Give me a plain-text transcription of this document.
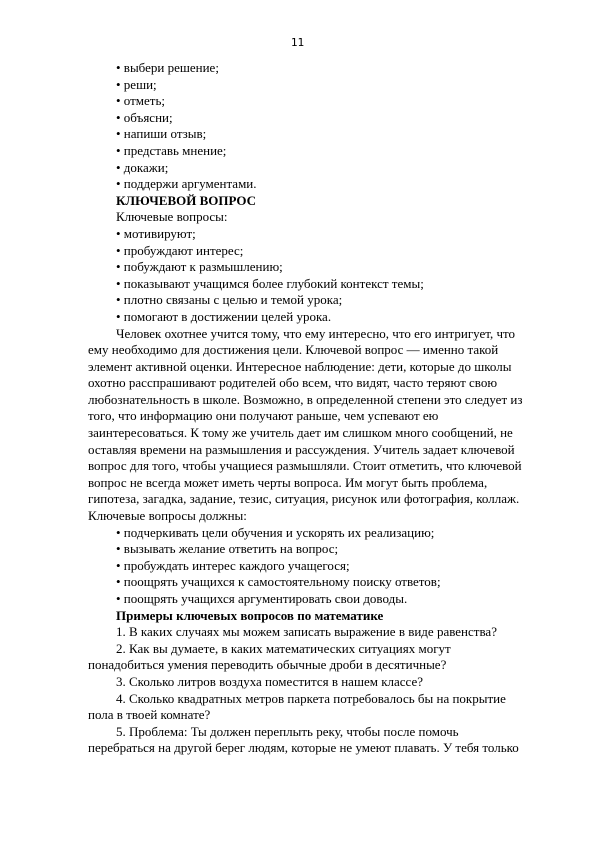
11
• выбери решение;
• реши;
• отметь;
• объясни;
• напиши отзыв;
• представь мнение;
• докажи;
• поддержи аргументами.
КЛЮЧЕВОЙ ВОПРОС
Ключевые вопросы:
• мотивируют;
• пробуждают интерес;
• побуждают к размышлению;
• показывают учащимся более глубокий контекст темы;
• плотно связаны с целью и темой урока;
• помогают в достижении целей урока.
Человек охотнее учится тому, что ему интересно, что его интригует, что
ему необходимо для достижения цели. Ключевой вопрос — именно такой
элемент активной оценки. Интересное наблюдение: дети, которые до школы
охотно расспрашивают родителей обо всем, что видят, часто теряют свою
любознательность в школе. Возможно, в определенной степени это следует из
того, что информацию они получают раньше, чем успевают ею
заинтересоваться. К тому же учитель дает им слишком много сообщений, не
оставляя времени на размышления и рассуждения. Учитель задает ключевой
вопрос для того, чтобы учащиеся размышляли. Стоит отметить, что ключевой
вопрос не всегда может иметь черты вопроса. Им могут быть проблема,
гипотеза, загадка, задание, тезис, ситуация, рисунок или фотография, коллаж.
Ключевые вопросы должны:
• подчеркивать цели обучения и ускорять их реализацию;
• вызывать желание ответить на вопрос;
• пробуждать интерес каждого учащегося;
• поощрять учащихся к самостоятельному поиску ответов;
• поощрять учащихся аргументировать свои доводы.
Примеры ключевых вопросов по математике
1. В каких случаях мы можем записать выражение в виде равенства?
2. Как вы думаете, в каких математических ситуациях могут
понадобиться умения переводить обычные дроби в десятичные?
3. Сколько литров воздуха поместится в нашем классе?
4. Сколько квадратных метров паркета потребовалось бы на покрытие
пола в твоей комнате?
5. Проблема: Ты должен переплыть реку, чтобы после помочь
перебраться на другой берег людям, которые не умеют плавать. У тебя только
